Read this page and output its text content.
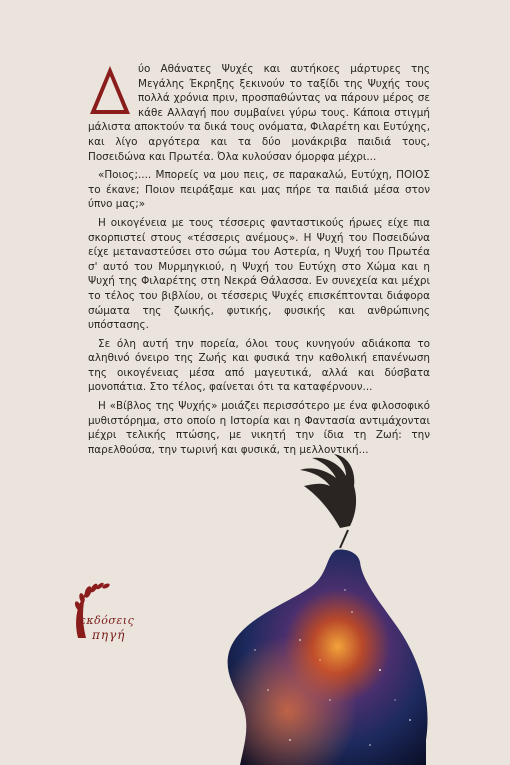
ύο Αθάνατες Ψυχές και αυτήκοες μάρτυρες της Μεγάλης Έκρηξης ξεκινούν το ταξίδι της Ψυχής τους πολλά χρόνια πριν, προσπαθώντας να πάρουν μέρος σε κάθε Αλλαγή που συμβαίνει γύρω τους. Κάποια στιγμή μάλιστα αποκτούν τα δικά τους ονόματα, Φιλαρέτη και Ευτύχης, και λίγο αργότερα και τα δύο μονάκριβα παιδιά τους, Ποσειδώνα και Πρωτέα. Όλα κυλούσαν όμορφα μέχρι...

«Ποιος;.... Μπορείς να μου πεις, σε παρακαλώ, Ευτύχη, ΠΟΙΟΣ το έκανε; Ποιον πειράξαμε και μας πήρε τα παιδιά μέσα στον ύπνο μας;»

Η οικογένεια με τους τέσσερις φανταστικούς ήρωες είχε πια σκορπιστεί στους «τέσσερις ανέμους». Η Ψυχή του Ποσειδώνα είχε μεταναστεύσει στο σώμα του Αστερία, η Ψυχή του Πρωτέα σ' αυτό του Μυρμηγκιού, η Ψυχή του Ευτύχη στο Χώμα και η Ψυχή της Φιλαρέτης στη Νεκρά Θάλασσα. Εν συνεχεία και μέχρι το τέλος του βιβλίου, οι τέσσερις Ψυχές επισκέπτονται διάφορα σώματα της ζωικής, φυτικής, φυσικής και ανθρώπινης υπόστασης.

Σε όλη αυτή την πορεία, όλοι τους κυνηγούν αδιάκοπα το αληθινό όνειρο της Ζωής και φυσικά την καθολική επανένωση της οικογένειας μέσα από μαγευτικά, αλλά και δύσβατα μονοπάτια. Στο τέλος, φαίνεται ότι τα καταφέρνουν...

Η «Βίβλος της Ψυχής» μοιάζει περισσότερο με ένα φιλοσοφικό μυθιστόρημα, στο οποίο η Ιστορία και η Φαντασία αντιμάχονται μέχρι τελικής πτώσης, με νικητή την ίδια τη Ζωή: την παρελθούσα, την τωρινή και φυσικά, τη μελλοντική...

εκδόσεις
πηγή
